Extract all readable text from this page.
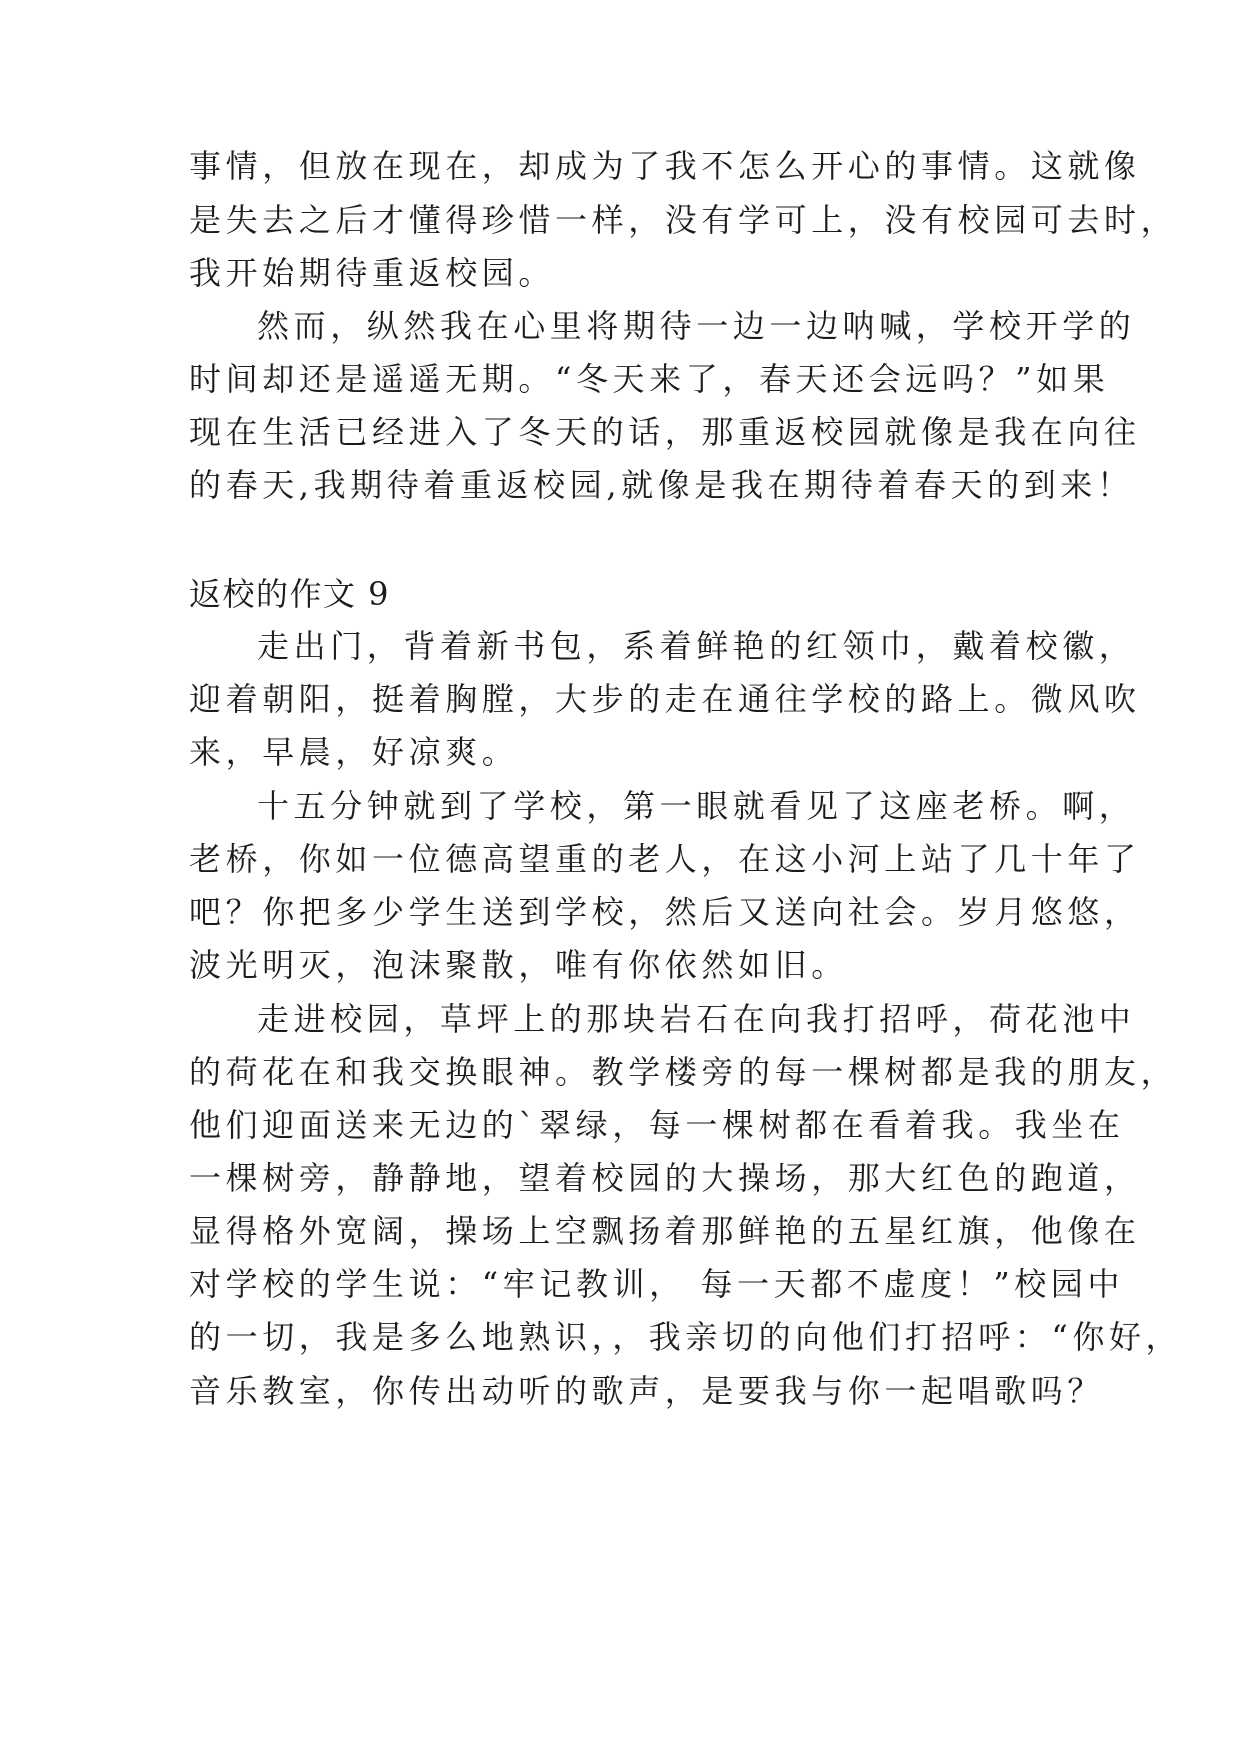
事情，但放在现在，却成为了我不怎么开心的事情。这就像
是失去之后才懂得珍惜一样，没有学可上，没有校园可去时，
我开始期待重返校园。
然而，纵然我在心里将期待一边一边呐喊，学校开学的
时间却还是遥遥无期。“冬天来了，春天还会远吗？”如果
现在生活已经进入了冬天的话，那重返校园就像是我在向往
的春天,我期待着重返校园,就像是我在期待着春天的到来！
返校的作文 9
走出门，背着新书包，系着鲜艳的红领巾，戴着校徽，
迎着朝阳，挺着胸膛，大步的走在通往学校的路上。微风吹
来，早晨，好凉爽。
十五分钟就到了学校，第一眼就看见了这座老桥。啊，
老桥，你如一位德高望重的老人，在这小河上站了几十年了
吧？你把多少学生送到学校，然后又送向社会。岁月悠悠，
波光明灭，泡沫聚散，唯有你依然如旧。
走进校园，草坪上的那块岩石在向我打招呼，荷花池中
的荷花在和我交换眼神。教学楼旁的每一棵树都是我的朋友，
他们迎面送来无边的`翠绿，每一棵树都在看着我。我坐在
一棵树旁，静静地，望着校园的大操场，那大红色的跑道，
显得格外宽阔，操场上空飘扬着那鲜艳的五星红旗，他像在
对学校的学生说：“牢记教训， 每一天都不虚度！”校园中
的一切，我是多么地熟识，，我亲切的向他们打招呼：“你好，
音乐教室，你传出动听的歌声，是要我与你一起唱歌吗？
